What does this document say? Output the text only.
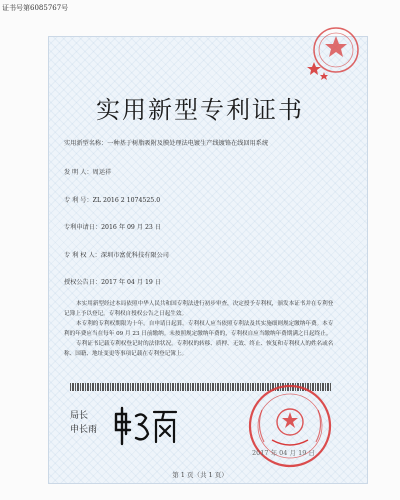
证书号第6085767号
实用新型专利证书
实用新型名称：一种基于树脂吸附及膜处理法电镀生产线镀铬在线回用系统
发 明 人：周运祥
专 利 号：ZL 2016 2 1074525.0
专利申请日：2016 年 09 月 23 日
专 利 权 人：深圳市富优科技有限公司
授权公告日：2017 年 04 月 19 日

本实用新型经过本局依照中华人民共和国专利法进行初步审查，决定授予专利权，颁发本证书并在专利登记簿上予以登记。专利权自授权公告之日起生效。

本专利的专利权期限为十年，自申请日起算。专利权人应当依照专利法及其实施细则规定缴纳年费。本专利的年费应当在每年 09 月 23 日前缴纳。未按照规定缴纳年费的，专利权自应当缴纳年费期满之日起终止。

专利证书记载专利权登记时的法律状况。专利权的转移、质押、无效、终止、恢复和专利权人的姓名或名称、国籍、地址变更等事项记载在专利登记簿上。

局长
申长雨
2017 年 04 月 19 日
第 1 页（共 1 页）
